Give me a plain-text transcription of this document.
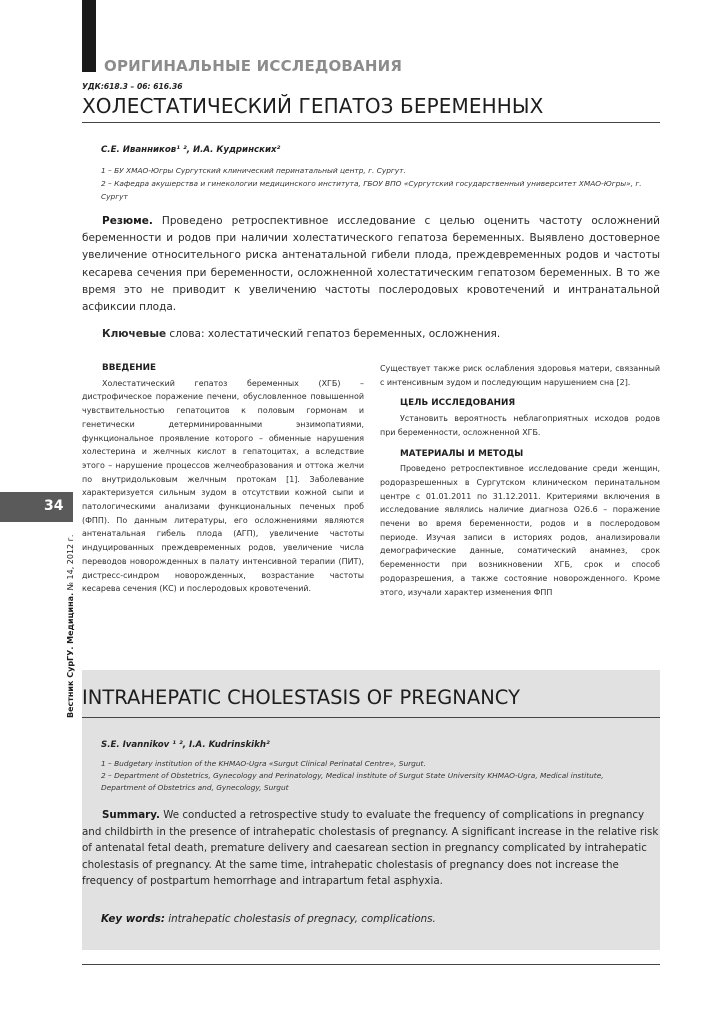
ОРИГИНАЛЬНЫЕ ИССЛЕДОВАНИЯ
УДК:618.3 – 06: 616.36
ХОЛЕСТАТИЧЕСКИЙ ГЕПАТОЗ БЕРЕМЕННЫХ
С.Е. Иванников¹ ², И.А. Кудринских²
1 – БУ ХМАО-Югры Сургутский клинический перинатальный центр, г. Сургут.
2 – Кафедра акушерства и гинекологии медицинского института, ГБОУ ВПО «Сургутский государственный университет ХМАО-Югры», г. Сургут
Резюме. Проведено ретроспективное исследование с целью оценить частоту осложнений беременности и родов при наличии холестатического гепатоза беременных. Выявлено достоверное увеличение относительного риска антенатальной гибели плода, преждевременных родов и частоты кесарева сечения при беременности, осложненной холестатическим гепатозом беременных. В то же время это не приводит к увеличению частоты послеродовых кровотечений и интранатальной асфиксии плода.
Ключевые слова: холестатический гепатоз беременных, осложнения.
ВВЕДЕНИЕ

Холестатический гепатоз беременных (ХГБ) – дистрофическое поражение печени, обусловленное повышенной чувствительностью гепатоцитов к половым гормонам и генетически детерминированными энзимопатиями, функциональное проявление которого – обменные нарушения холестерина и желчных кислот в гепатоцитах, а вследствие этого – нарушение процессов желчеобразования и оттока желчи по внутридольковым желчным протокам [1]. Заболевание характеризуется сильным зудом в отсутствии кожной сыпи и патологическими анализами функциональных печеных проб (ФПП). По данным литературы, его осложнениями являются антенатальная гибель плода (АГП), увеличение частоты индуцированных преждевременных родов, увеличение числа переводов новорожденных в палату интенсивной терапии (ПИТ), дистресс-синдром новорожденных, возрастание частоты кесарева сечения (КС) и послеродовых кровотечений.

Существует также риск ослабления здоровья матери, связанный с интенсивным зудом и последующим нарушением сна [2].

ЦЕЛЬ ИССЛЕДОВАНИЯ

Установить вероятность неблагоприятных исходов родов при беременности, осложненной ХГБ.

МАТЕРИАЛЫ И МЕТОДЫ

Проведено ретроспективное исследование среди женщин, родоразрешенных в Сургутском клиническом перинатальном центре с 01.01.2011 по 31.12.2011. Критериями включения в исследование являлись наличие диагноза О26.6 – поражение печени во время беременности, родов и в послеродовом периоде. Изучая записи в историях родов, анализировали демографические данные, соматический анамнез, срок беременности при возникновении ХГБ, срок и способ родоразрешения, а также состояние новорожденного. Кроме этого, изучали характер изменения ФПП

34
Вестник СурГУ. Медицина. № 14, 2012 г.
INTRAHEPATIC CHOLESTASIS OF PREGNANCY
S.E. Ivannikov ¹ ², I.A. Kudrinskikh²
1 – Budgetary institution of the KHMAO-Ugra «Surgut Clinical Perinatal Centre», Surgut.
2 – Department of Obstetrics, Gynecology and Perinatology, Medical institute of Surgut State University KHMAO-Ugra, Medical institute, Department of Obstetrics and, Gynecology, Surgut
Summary. We conducted a retrospective study to evaluate the frequency of complications in pregnancy and childbirth in the presence of intrahepatic cholestasis of pregnancy. A significant increase in the relative risk of antenatal fetal death, premature delivery and caesarean section in pregnancy complicated by intrahepatic cholestasis of pregnancy. At the same time, intrahepatic cholestasis of pregnancy does not increase the frequency of postpartum hemorrhage and intrapartum fetal asphyxia.
Key words: intrahepatic cholestasis of pregnacy, complications.
